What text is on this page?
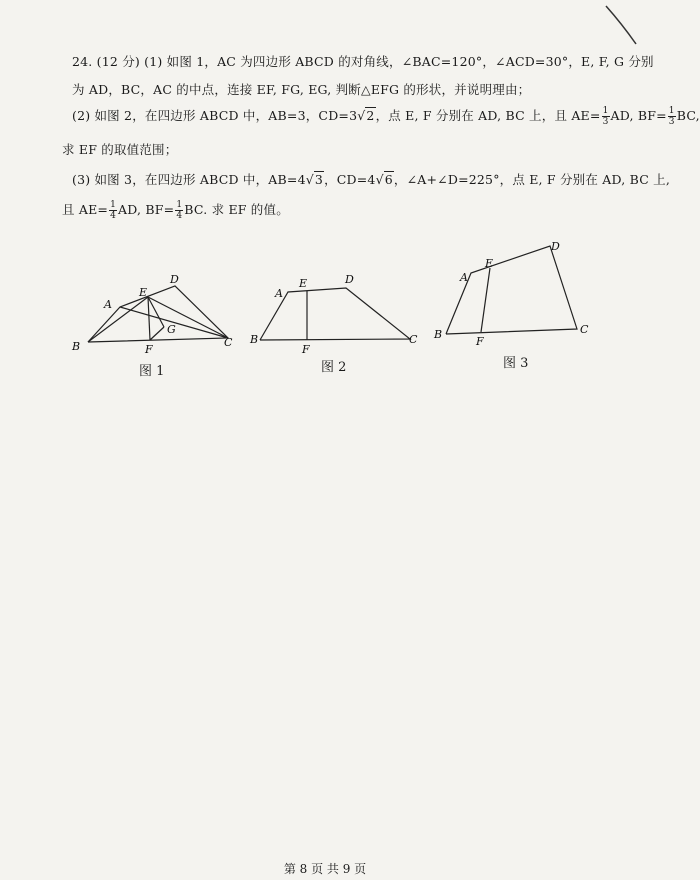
24. (12 分) (1) 如图 1，AC 为四边形 ABCD 的对角线，∠BAC=120°，∠ACD=30°，E, F, G 分别
为 AD，BC，AC 的中点，连接 EF, FG, EG, 判断△EFG 的形状，并说明理由；
(2) 如图 2，在四边形 ABCD 中，AB=3，CD=3√2，点 E, F 分别在 AD, BC 上，且 $AE= \frac{1}{3}$ AD, $BF= \frac{1}{3}$ BC,
求 EF 的取值范围；
(3) 如图 3，在四边形 ABCD 中，AB=4√3，CD=4√6，∠A+∠D=225°，点 E, F 分别在 AD, BC 上,
且 $AE= \frac{1}{4}$ AD, $BF= \frac{1}{4}$ BC. 求 EF 的值。
A
B	C
D
E
F
G
A
B	C
D
E
F
A
B	C
D
E
F
图 1	图 2	图 3
第 8 页 共 9 页
